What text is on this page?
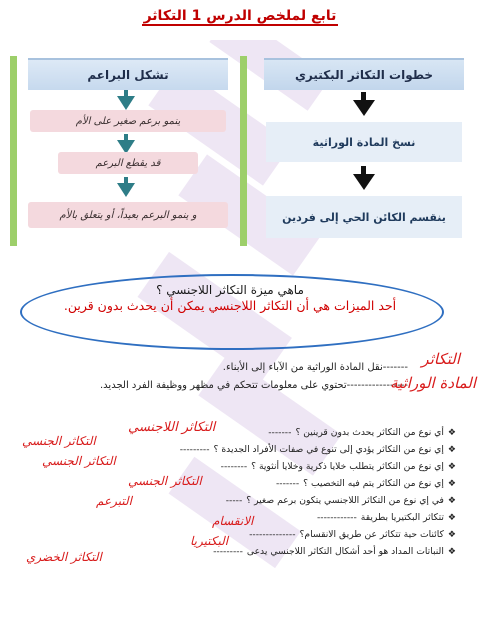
تابع لملخص الدرس 1 التكاثر
خطوات التكاثر البكتيري
نسخ المادة الوراثية
ينقسم الكائن الحي إلى فردين
تشكل البراعم
ينمو برعم صغير على الأم
قد يقطع البرعم
و ينمو البرعم بعيداً، أو يتعلق بالأم
ماهي ميزة التكاثر اللاجنسي ؟
أحد الميزات هي أن التكاثر اللاجنسي يمكن أن يحدث بدون قرين.
-------نقل المادة الوراثية من الآباء إلى الأبناء.	التكاثر
-----------------تحتوي على معلومات تتحكم في مظهر ووظيفة الفرد الجديد.	المادة الوراثية
❖
أي نوع من التكاثر يحدث بدون قرينين ؟
-------
❖
إي نوع من التكاثر يؤدي إلى تنوع في صفات الأفراد الجديدة ؟
---------
❖
إي نوع من التكاثر يتطلب خلايا ذكرية وخلايا أنثوية ؟
--------
❖
إي نوع من التكاثر يتم فيه التخصيب ؟
-------
❖
في إي نوع من التكاثر اللاجنسي يتكون برعم صغير ؟
-----
❖
تتكاثر البكتيريا بطريقة
------------
❖
كائنات حية تتكاثر عن طريق الانقسام؟
--------------
❖
النباتات المداد هو أحد أشكال التكاثر اللاجنسي يدعى
---------
التكاثر اللاجنسي
التكاثر الجنسي
التكاثر الجنسي
التكاثر الجنسي
التبرعم
الانقسام
البكتيريا
التكاثر الخضري
